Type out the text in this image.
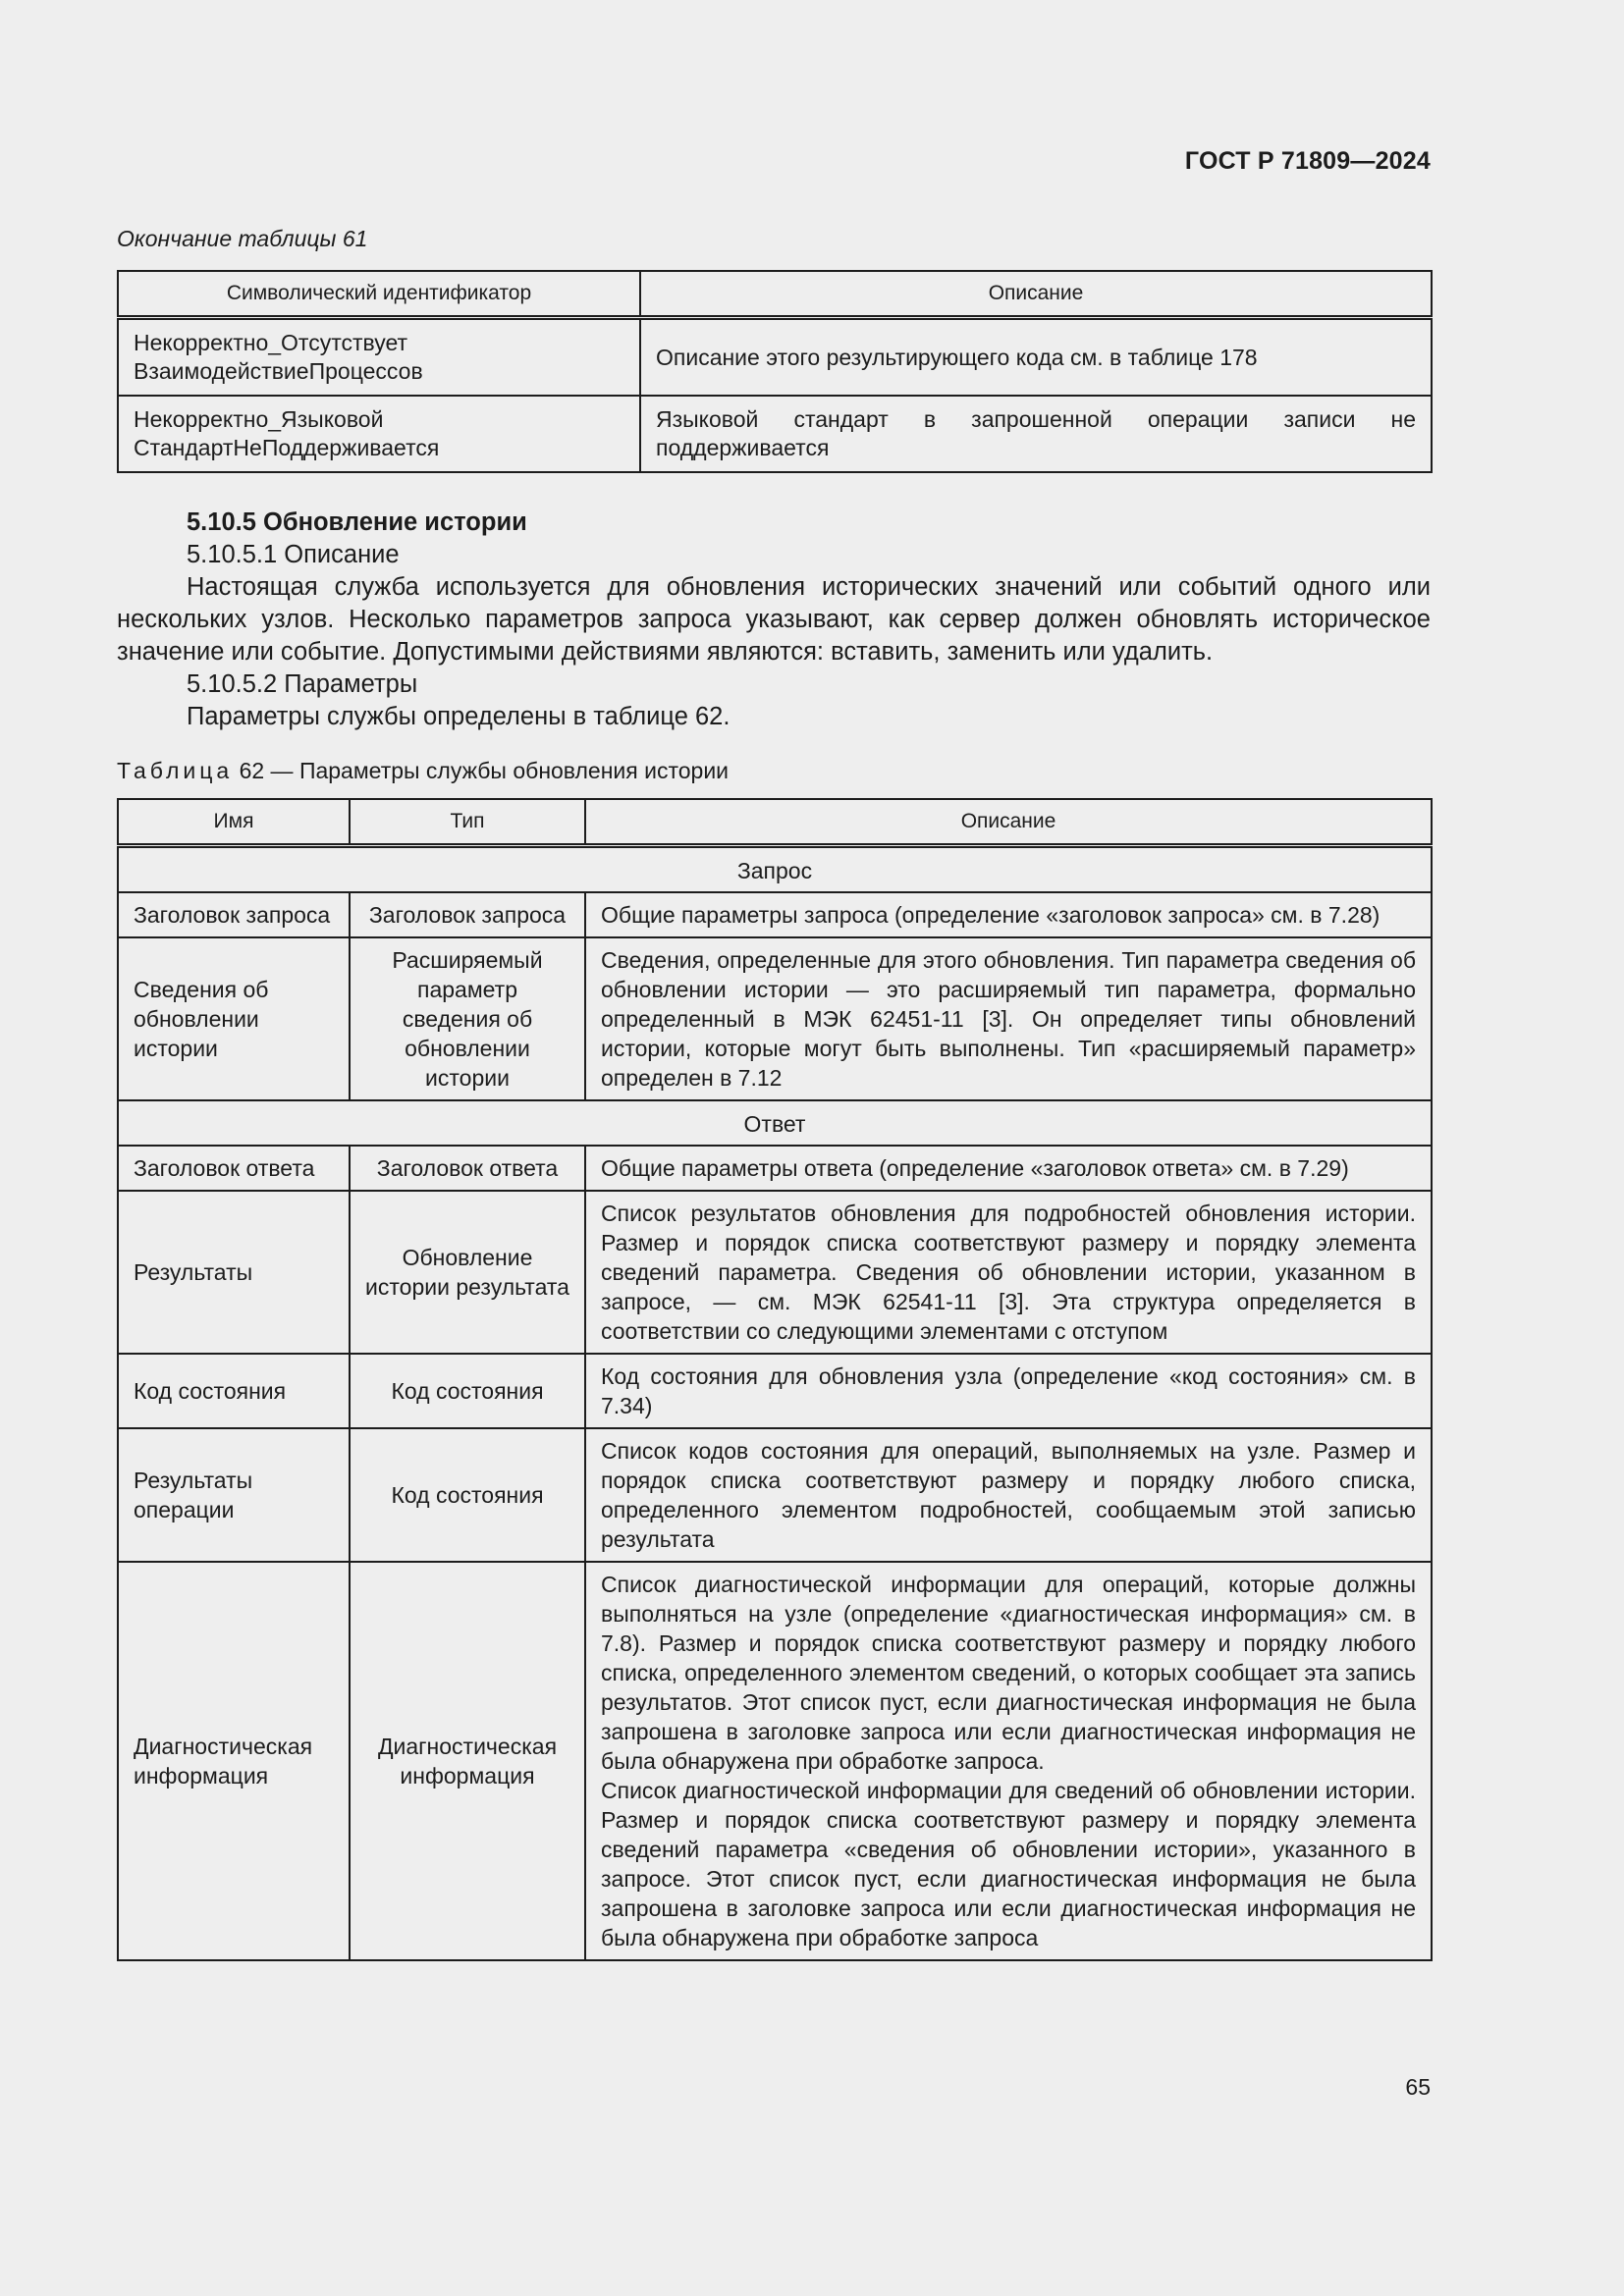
ГОСТ Р 71809—2024
Окончание таблицы 61
Символический идентификатор	Описание

Некорректно_Отсутствует
ВзаимодействиеПроцессов	Описание этого результирующего кода см. в таблице 178

Некорректно_Языковой
СтандартНеПоддерживается	Языковой стандарт в запрошенной операции записи не поддерживается

5.10.5 Обновление истории

5.10.5.1 Описание

Настоящая служба используется для обновления исторических значений или событий одного или нескольких узлов. Несколько параметров запроса указывают, как сервер должен обновлять историческое значение или событие. Допустимыми действиями являются: вставить, заменить или удалить.

5.10.5.2 Параметры

Параметры службы определены в таблице 62.

Таблица 62 — Параметры службы обновления истории
Имя	Тип	Описание
Запрос		
Заголовок запроса	Заголовок запроса	Общие параметры запроса (определение «заголовок запроса» см. в 7.28)
Сведения об обновлении истории	Расширяемый параметр сведения об обновлении истории	Сведения, определенные для этого обновления. Тип параметра сведения об обновлении истории — это расширяемый тип параметра, формально определенный в МЭК 62451-11 [3]. Он определяет типы обновлений истории, которые могут быть выполнены. Тип «расширяемый параметр» определен в 7.12
Ответ		
Заголовок ответа	Заголовок ответа	Общие параметры ответа (определение «заголовок ответа» см. в 7.29)
Результаты	Обновление истории результата	Список результатов обновления для подробностей обновления истории. Размер и порядок списка соответствуют размеру и порядку элемента сведений параметра. Сведения об обновлении истории, указанном в запросе, — см. МЭК 62541-11 [3]. Эта структура определяется в соответствии со следующими элементами с отступом
Код состояния	Код состояния	Код состояния для обновления узла (определение «код состояния» см. в 7.34)
Результаты операции	Код состояния	Список кодов состояния для операций, выполняемых на узле. Размер и порядок списка соответствуют размеру и порядку любого списка, определенного элементом подробностей, сообщаемым этой записью результата
Диагностическая информация	Диагностическая информация	Список диагностической информации для операций, которые должны выполняться на узле (определение «диагностическая информация» см. в 7.8). Размер и порядок списка соответствуют размеру и порядку любого списка, определенного элементом сведений, о которых сообщает эта запись результатов. Этот список пуст, если диагностическая информация не была запрошена в заголовке запроса или если диагностическая информация не была обнаружена при обработке запроса.
Список диагностической информации для сведений об обновлении истории. Размер и порядок списка соответствуют размеру и порядку элемента сведений параметра «сведения об обновлении истории», указанного в запросе. Этот список пуст, если диагностическая информация не была запрошена в заголовке запроса или если диагностическая информация не была обнаружена при обработке запроса
65
